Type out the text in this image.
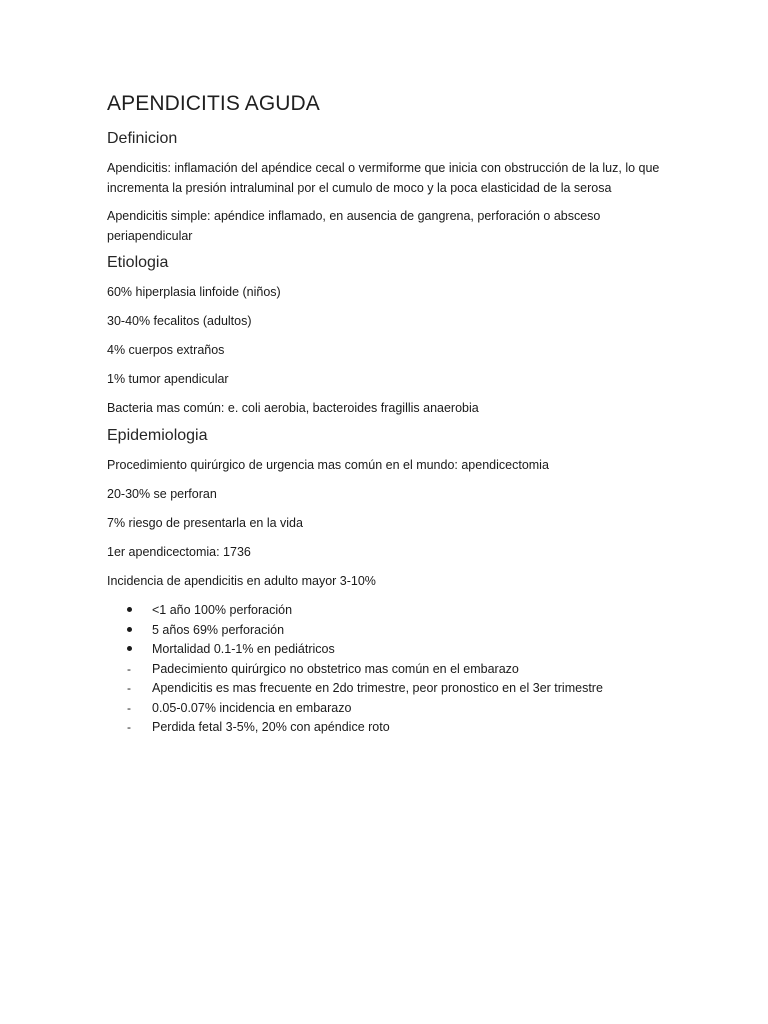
APENDICITIS AGUDA
Definicion

Apendicitis: inflamación del apéndice cecal o vermiforme que inicia con obstrucción de la luz, lo que incrementa la presión intraluminal por el cumulo de moco y la poca elasticidad de la serosa

Apendicitis simple: apéndice inflamado, en ausencia de gangrena, perforación o absceso periapendicular

Etiologia

60% hiperplasia linfoide (niños)

30-40% fecalitos (adultos)

4% cuerpos extraños

1% tumor apendicular

Bacteria mas común: e. coli aerobia, bacteroides fragillis anaerobia

Epidemiologia

Procedimiento quirúrgico de urgencia mas común en el mundo: apendicectomia

20-30% se perforan

7% riesgo de presentarla en la vida

1er apendicectomia: 1736

Incidencia de apendicitis en adulto mayor 3-10%

<1 año 100% perforación
5 años 69% perforación
Mortalidad 0.1-1% en pediátricos
-	Padecimiento quirúrgico no obstetrico mas común en el embarazo
-	Apendicitis es mas frecuente en 2do trimestre, peor pronostico en el 3er trimestre
-	0.05-0.07% incidencia en embarazo
-	Perdida fetal 3-5%, 20% con apéndice roto
